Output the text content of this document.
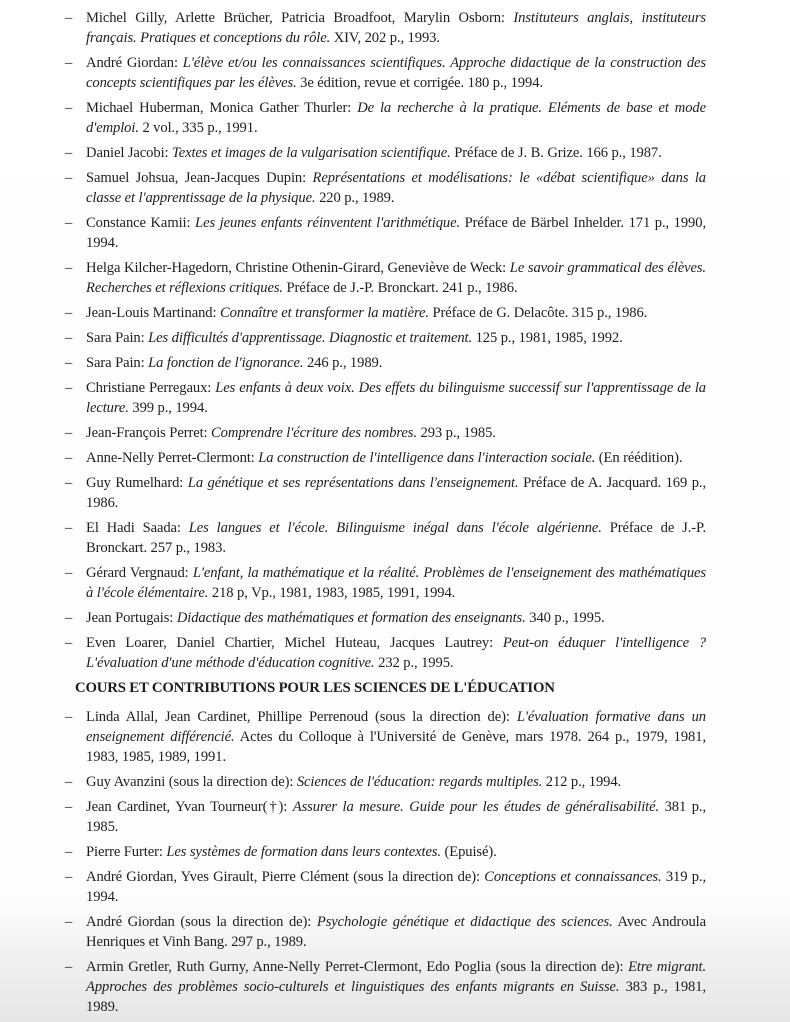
– Michel Gilly, Arlette Brücher, Patricia Broadfoot, Marylin Osborn: Instituteurs anglais, instituteurs français. Pratiques et conceptions du rôle. XIV, 202 p., 1993.
– André Giordan: L'élève et/ou les connaissances scientifiques. Approche didactique de la construction des concepts scientifiques par les élèves. 3e édition, revue et corrigée. 180 p., 1994.
– Michael Huberman, Monica Gather Thurler: De la recherche à la pratique. Eléments de base et mode d'emploi. 2 vol., 335 p., 1991.
– Daniel Jacobi: Textes et images de la vulgarisation scientifique. Préface de J. B. Grize. 166 p., 1987.
– Samuel Johsua, Jean-Jacques Dupin: Représentations et modélisations: le «débat scientifique» dans la classe et l'apprentissage de la physique. 220 p., 1989.
– Constance Kamii: Les jeunes enfants réinventent l'arithmétique. Préface de Bärbel Inhelder. 171 p., 1990, 1994.
– Helga Kilcher-Hagedorn, Christine Othenin-Girard, Geneviève de Weck: Le savoir grammatical des élèves. Recherches et réflexions critiques. Préface de J.-P. Bronckart. 241 p., 1986.
– Jean-Louis Martinand: Connaître et transformer la matière. Préface de G. Delacôte. 315 p., 1986.
– Sara Pain: Les difficultés d'apprentissage. Diagnostic et traitement. 125 p., 1981, 1985, 1992.
– Sara Pain: La fonction de l'ignorance. 246 p., 1989.
– Christiane Perregaux: Les enfants à deux voix. Des effets du bilinguisme successif sur l'apprentissage de la lecture. 399 p., 1994.
– Jean-François Perret: Comprendre l'écriture des nombres. 293 p., 1985.
– Anne-Nelly Perret-Clermont: La construction de l'intelligence dans l'interaction sociale. (En réédition).
– Guy Rumelhard: La génétique et ses représentations dans l'enseignement. Préface de A. Jacquard. 169 p., 1986.
– El Hadi Saada: Les langues et l'école. Bilinguisme inégal dans l'école algérienne. Préface de J.-P. Bronckart. 257 p., 1983.
– Gérard Vergnaud: L'enfant, la mathématique et la réalité. Problèmes de l'enseignement des mathématiques à l'école élémentaire. 218 p, Vp., 1981, 1983, 1985, 1991, 1994.
– Jean Portugais: Didactique des mathématiques et formation des enseignants. 340 p., 1995.
– Even Loarer, Daniel Chartier, Michel Huteau, Jacques Lautrey: Peut-on éduquer l'intelligence ? L'évaluation d'une méthode d'éducation cognitive. 232 p., 1995.
COURS ET CONTRIBUTIONS POUR LES SCIENCES DE L'ÉDUCATION
– Linda Allal, Jean Cardinet, Phillipe Perrenoud (sous la direction de): L'évaluation formative dans un enseignement différencié. Actes du Colloque à l'Université de Genève, mars 1978. 264 p., 1979, 1981, 1983, 1985, 1989, 1991.
– Guy Avanzini (sous la direction de): Sciences de l'éducation: regards multiples. 212 p., 1994.
– Jean Cardinet, Yvan Tourneur(†): Assurer la mesure. Guide pour les études de généralisabilité. 381 p., 1985.
– Pierre Furter: Les systèmes de formation dans leurs contextes. (Epuisé).
– André Giordan, Yves Girault, Pierre Clément (sous la direction de): Conceptions et connaissances. 319 p., 1994.
– André Giordan (sous la direction de): Psychologie génétique et didactique des sciences. Avec Androula Henriques et Vinh Bang. 297 p., 1989.
– Armin Gretler, Ruth Gurny, Anne-Nelly Perret-Clermont, Edo Poglia (sous la direction de): Etre migrant. Approches des problèmes socio-culturels et linguistiques des enfants migrants en Suisse. 383 p., 1981, 1989.
